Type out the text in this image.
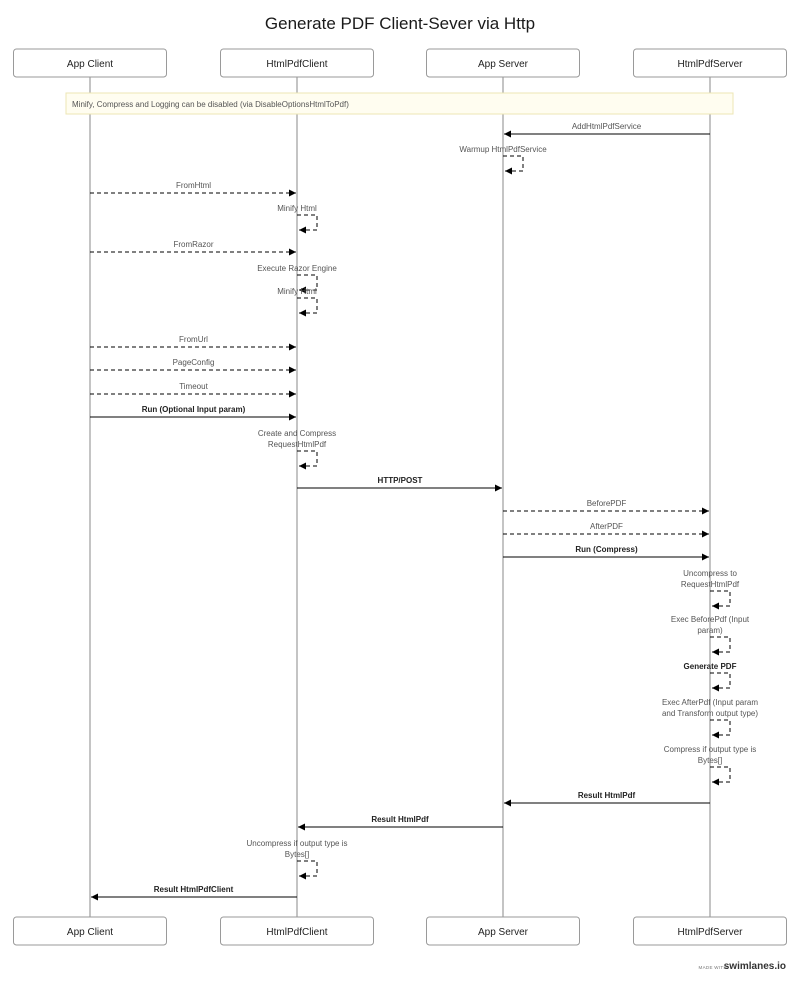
Generate PDF Client-Sever via Http
Minify, Compress and Logging can be disabled (via DisableOptionsHtmlToPdf)
AddHtmlPdfService
Warmup HtmlPdfService
FromHtml
Minify Html
FromRazor
Execute Razor Engine
Minify Html
FromUrl
PageConfig
Timeout
Run (Optional Input param)
Create and Compress
RequestHtmlPdf
HTTP/POST
BeforePDF
AfterPDF
Run (Compress)
Uncompress to
RequestHtmlPdf
Exec BeforePdf (Input
param)
Generate PDF
Exec AfterPdf (Input param
and Transform output type)
Compress if output type is
Bytes[]
Result HtmlPdf
Result HtmlPdf
Uncompress if output type is
Bytes[]
Result HtmlPdfClient
App Client	HtmlPdfClient	App Server	HtmlPdfServer
App Client	HtmlPdfClient	App Server	HtmlPdfServer
MADE WITH
swimlanes.io
